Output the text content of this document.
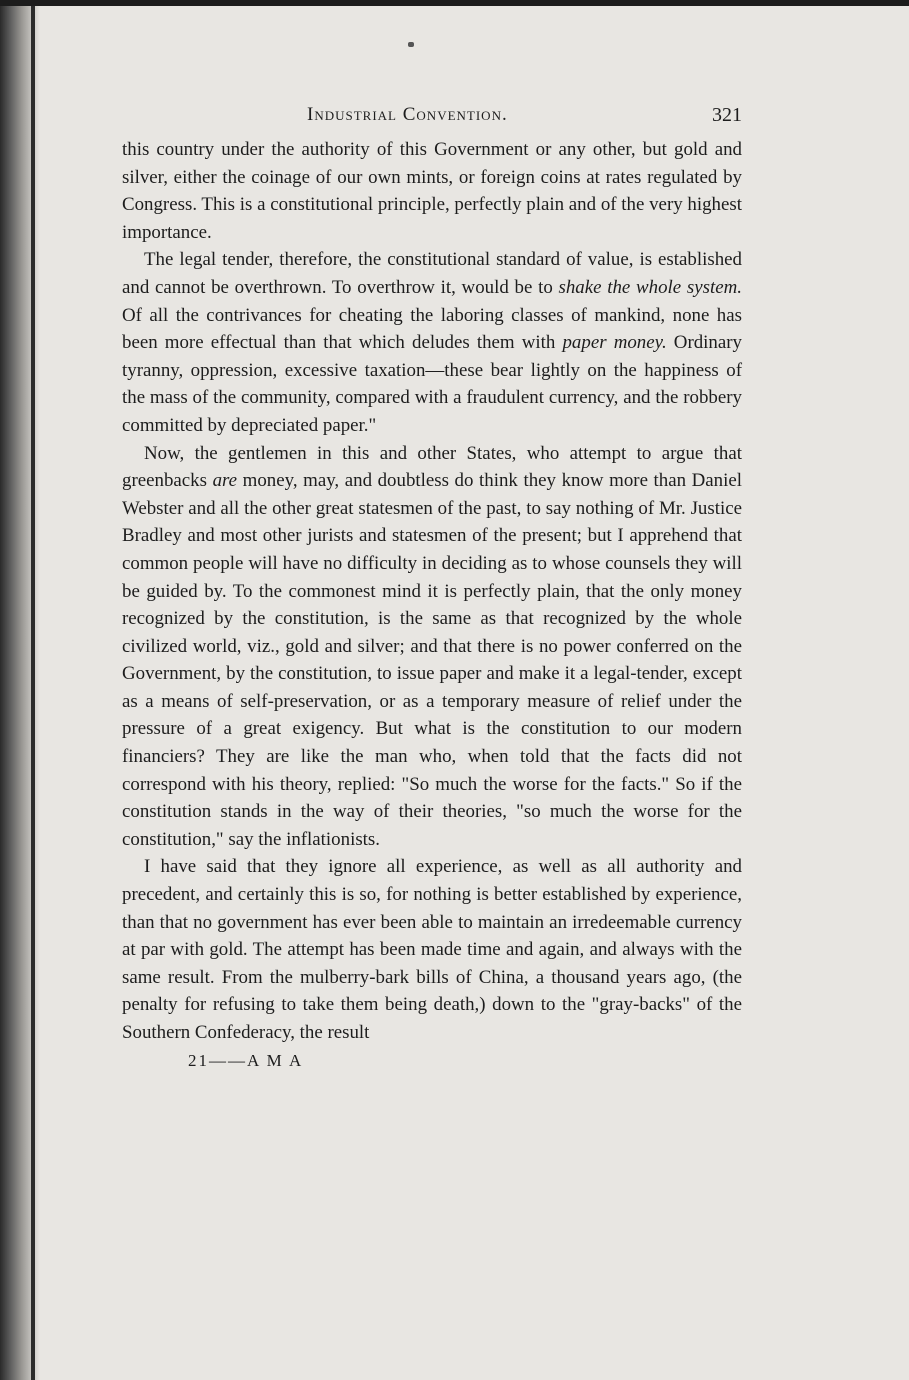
Industrial Convention.	321

this country under the authority of this Government or any other, but gold and silver, either the coinage of our own mints, or foreign coins at rates regulated by Congress. This is a constitutional principle, perfectly plain and of the very highest importance.

The legal tender, therefore, the constitutional standard of value, is established and cannot be overthrown. To overthrow it, would be to shake the whole system. Of all the contrivances for cheating the laboring classes of mankind, none has been more effectual than that which deludes them with paper money. Ordinary tyranny, oppression, excessive taxation—these bear lightly on the happiness of the mass of the community, compared with a fraudulent currency, and the robbery committed by depreciated paper."

Now, the gentlemen in this and other States, who attempt to argue that greenbacks are money, may, and doubtless do think they know more than Daniel Webster and all the other great statesmen of the past, to say nothing of Mr. Justice Bradley and most other jurists and statesmen of the present; but I apprehend that common people will have no difficulty in deciding as to whose counsels they will be guided by. To the commonest mind it is perfectly plain, that the only money recognized by the constitution, is the same as that recognized by the whole civilized world, viz., gold and silver; and that there is no power conferred on the Government, by the constitution, to issue paper and make it a legal-tender, except as a means of self-preservation, or as a temporary measure of relief under the pressure of a great exigency. But what is the constitution to our modern financiers? They are like the man who, when told that the facts did not correspond with his theory, replied: "So much the worse for the facts." So if the constitution stands in the way of their theories, "so much the worse for the constitution," say the inflationists.

I have said that they ignore all experience, as well as all authority and precedent, and certainly this is so, for nothing is better established by experience, than that no government has ever been able to maintain an irredeemable currency at par with gold. The attempt has been made time and again, and always with the same result. From the mulberry-bark bills of China, a thousand years ago, (the penalty for refusing to take them being death,) down to the "gray-backs" of the Southern Confederacy, the result

21——A M A
